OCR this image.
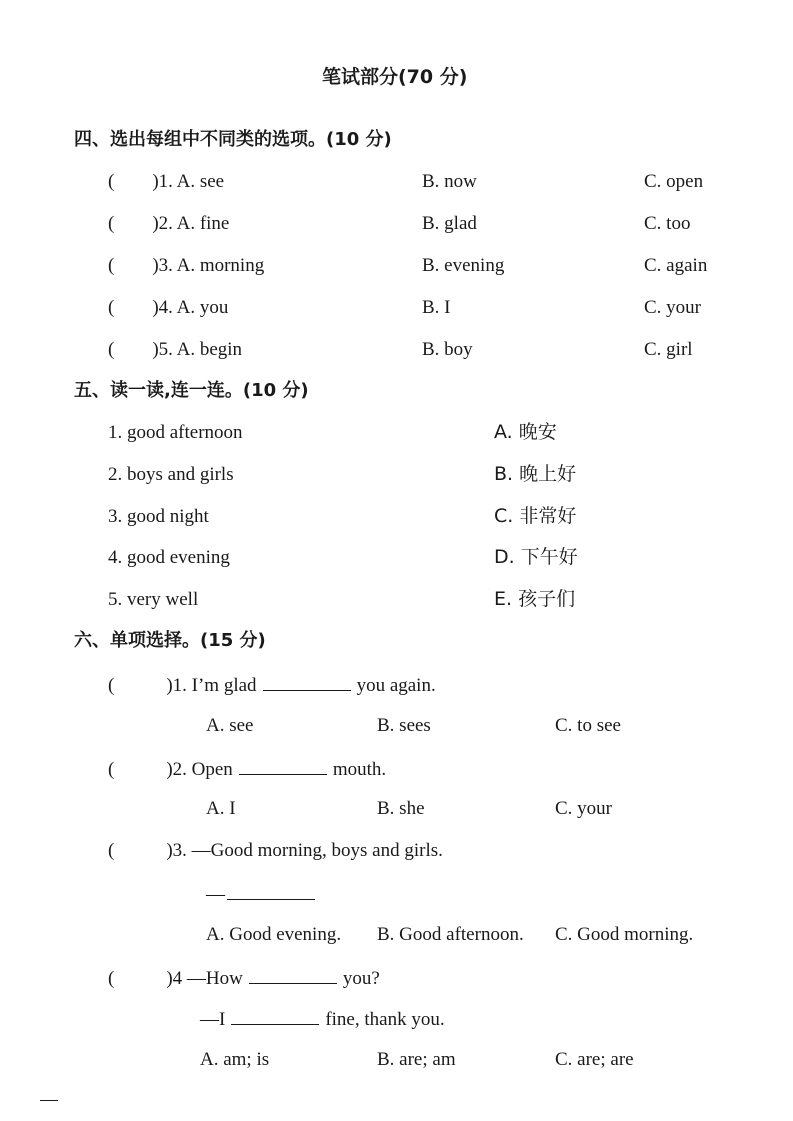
笔试部分(70 分)
四、选出每组中不同类的选项。(10 分)
(　　)1. A. see	B. now	C. open
(　　)2. A. fine	B. glad	C. too
(　　)3. A. morning	B. evening	C. again
(　　)4. A. you	B. I	C. your
(　　)5. A. begin	B. boy	C. girl
五、读一读,连一连。(10 分)
1. good afternoon	A. 晚安
2. boys and girls	B. 晚上好
3. good night	C. 非常好
4. good evening	D. 下午好
5. very well	E. 孩子们
六、单项选择。(15 分)
(	)1. I’m glad	you again.
A. see	B. sees	C. to see
(	)2. Open	mouth.
A. I	B. she	C. your
(	)3. —Good morning, boys and girls.
—
A. Good evening. B. Good afternoon. C. Good morning.
(	)4 —How	you?
—I	fine, thank you.
A. am; is	B. are; am	C. are; are
